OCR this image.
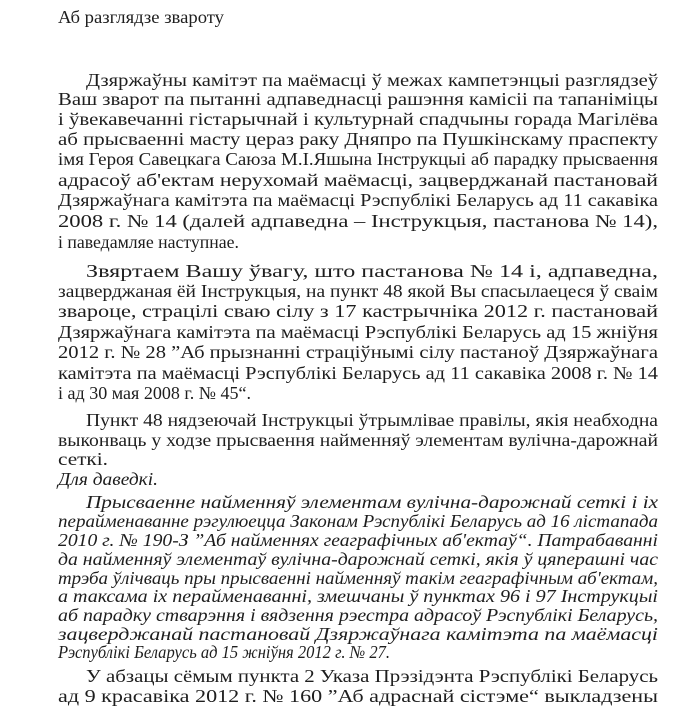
Аб разглядзе звароту
Дзяржаўны камітэт па маёмасці ў межах кампетэнцыі разглядзеў
Ваш зварот па пытанні адпаведнасці рашэння камісіі па тапаніміцы
і ўвекавечанні гістарычнай і культурнай спадчыны горада Магілёва
аб прысваенні масту цераз раку Дняпро па Пушкінскаму праспекту
імя Героя Савецкага Саюза М.І.Яшына Інструкцыі аб парадку прысваення
адрасоў аб'ектам нерухомай маёмасці, зацверджанай пастановай
Дзяржаўнага камітэта па маёмасці Рэспублікі Беларусь ад 11 сакавіка
2008 г. № 14 (далей адпаведна – Інструкцыя, пастанова № 14),
і паведамляе наступнае.
Звяртаем Вашу ўвагу, што пастанова № 14 і, адпаведна,
зацверджаная ёй Інструкцыя, на пункт 48 якой Вы спасылаецеся ў сваім
звароце, страцілі сваю сілу з 17 кастрычніка 2012 г. пастановай
Дзяржаўнага камітэта па маёмасці Рэспублікі Беларусь ад 15 жніўня
2012 г. № 28 ”Аб прызнанні страціўнымі сілу пастаноў Дзяржаўнага
камітэта па маёмасці Рэспублікі Беларусь ад 11 сакавіка 2008 г. № 14
і ад 30 мая 2008 г. № 45“.
Пункт 48 нядзеючай Інструкцыі ўтрымлівае правілы, якія неабходна
выконваць у ходзе прысваення найменняў элементам вулічна-дарожнай
сеткі.
Для даведкі.
Прысваенне найменняў элементам вулічна-дарожнай сеткі і іх
перайменаванне рэгулюецца Законам Рэспублікі Беларусь ад 16 лістапада
2010 г. № 190-З ”Аб найменнях геаграфічных аб'ектаў“. Патрабаванні
да найменняў элементаў вулічна-дарожнай сеткі, якія ў цяперашні час
трэба ўлічваць пры прысваенні найменняў такім геаграфічным аб'ектам,
а таксама іх перайменаванні, змешчаны ў пунктах 96 і 97 Інструкцыі
аб парадку стварэння і вядзення рэестра адрасоў Рэспублікі Беларусь,
зацверджанай пастановай Дзяржаўнага камітэта па маёмасці
Рэспублікі Беларусь ад 15 жніўня 2012 г. № 27.
У абзацы сёмым пункта 2 Указа Прэзідэнта Рэспублікі Беларусь
ад 9 красавіка 2012 г. № 160 ”Аб адраснай сістэме“ выкладзены
